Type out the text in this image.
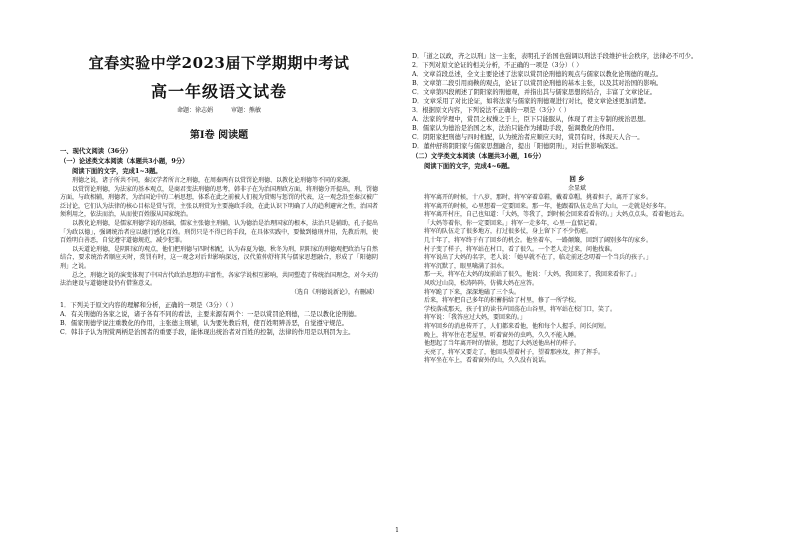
宜春实验中学2023届下学期期中考试
高一年级语文试卷
命题：徐志娟	审题：熊敏
第Ⅰ卷 阅读题
一、现代文阅读（36分）
（一）论述类文本阅读（本题共3小题，9分）
阅读下面的文字，完成1~3题。

刑德之说，诸子所共不同，秦汉学者所言之刑德，在周秦两有以赏罚论刑德、以教化论刑德等不同的来源。

以赏罚论刑德，为法家的基本观点，是商君变法刑德的思考，韩非子在为治国理政方面，将刑德分开提出，刑，罚德方面，与政相辅，刑德者，为治国论中的二柄思想，体系在此之前被人们视为赏赐与惩罚的代表，这一观念沿至秦汉被广泛讨论，它们认为法律的核心目标是赏与罚，主张以刑赏为主要施政手段，在此认识下明确了人的趋利避害之性，治国者须利用之，依法而治，从而使百姓服从国家统治。

以教化论刑德，是儒家刑德学说的基础，儒家主张德主刑辅，认为德治是治理国家的根本，法治只是辅助，孔子提出「为政以德」，强调统治者应以德行感化百姓。刑罚只是不得已的手段，在具体实践中，要做到德刑并用，先教后刑，使百姓明白善恶，自觉遵守道德规范，减少犯罪。

以天道论刑德，是阴阳家的观点，他们把刑德与四时相配，认为春夏为德，秋冬为刑，阴阳家的刑德观把政治与自然结合，要求统治者顺应天时，赏罚有时，这一观念对后世影响深远，汉代董仲舒将其与儒家思想融合，形成了「阳德阴刑」之说。

总之，刑德之说的演变体现了中国古代政治思想的丰富性，各家学说相互影响，共同塑造了传统治国理念，对今天的法治建设与道德建设仍有借鉴意义。

（选自《刑德说新论》，有删减）
1．下列关于原文内容的理解和分析，正确的一项是（3分）（ ）
A．有关刑德的各家之说，诸子各有不同的看法，主要来源有两个：一是以赏罚论刑德，二是以教化论刑德。
B．儒家刑德学说注重教化的作用，主张德主刑辅，认为要先教后刑，使百姓明辨善恶，自觉遵守规范。
C．韩非子认为刑赏两柄是治国者的重要手段，能体现出统治者对百姓的控制，法律的作用是以刑罚为主。
D．「道之以政，齐之以刑」这一主张，表明孔子治国也强调以刑法手段维护社会秩序，法律必不可少。
2．下列对原文论证的相关分析，不正确的一项是（3分）（ ）
A．文章首段总述，全文主要论述了法家以赏罚论刑德的观点与儒家以教化论刑德的观点。
B．文章第二段引用商鞅的观点，论证了以赏罚论刑德的基本主张，以及其对治国的影响。
C．文章第四段阐述了阴阳家的刑德观，并指出其与儒家思想的结合，丰富了文章论证。
D．文章采用了对比论证，如将法家与儒家的刑德观进行对比，使文章论述更加清楚。
3．根据原文内容，下列说法不正确的一项是（3分）（ ）
A．法家的学理中，赏罚之权操之于上，臣下只能服从，体现了君主专制的统治思想。
B．儒家认为德治是治国之本，法治只能作为辅助手段，强调教化的作用。
C．阴阳家把刑德与四时相配，认为统治者应顺应天时，赏罚有时，体现天人合一。
D．董仲舒将阴阳家与儒家思想融合，提出「阳德阴刑」，对后世影响深远。
（二）文学类文本阅读（本题共3小题，16分）
阅读下面的文字，完成4~6题。
回 乡
余显斌

将军离开的时候，十八岁，那时，将军穿着草鞋，戴着草帽，挑着担子，离开了家乡。

将军离开的时候，心里想着一定要回来。那一年，他跟着队伍走出了大山，一走就是好多年。

将军离开村庄，自己也知道：「大妈，等我了，到时候会回来看看你的。」大妈点点头，看着他远去。

「大妈等着你，你一定要回来。」将军一走多年，心里一直惦记着。

将军的队伍走了很多地方，打过很多仗，身上留下了不少伤疤。

几十年了，将军终于有了回乡的机会。他坐着车，一路颠簸，回到了阔别多年的家乡。

村子变了样子，将军站在村口，看了很久。一个老人走过来，问他找谁。

将军说出了大妈的名字，老人说：「她早就不在了，临走前还念叨着一个当兵的孩子。」

将军沉默了，眼里噙满了泪水。

那一天，将军在大妈的坟前站了很久，他说：「大妈，我回来了，我回来看你了。」

风吹过山岗，松涛阵阵，仿佛大妈在应答。

将军跪了下来，深深地磕了三个头。

后来，将军把自己多年的积蓄捐给了村里，修了一所学校。

学校落成那天，孩子们的读书声回荡在山谷里，将军站在校门口，笑了。

将军说：「我答应过大妈，要回来的。」

将军回乡的消息传开了，人们都来看他，他和每个人握手，问长问短。

晚上，将军住在老屋里，听着窗外的虫鸣，久久不能入睡。

他想起了当年离开时的情景，想起了大妈送他出村的样子。

天亮了，将军又要走了，他回头望着村子，望着那座坟，挥了挥手。

将军坐在车上，看着窗外的山，久久没有说话。

1
